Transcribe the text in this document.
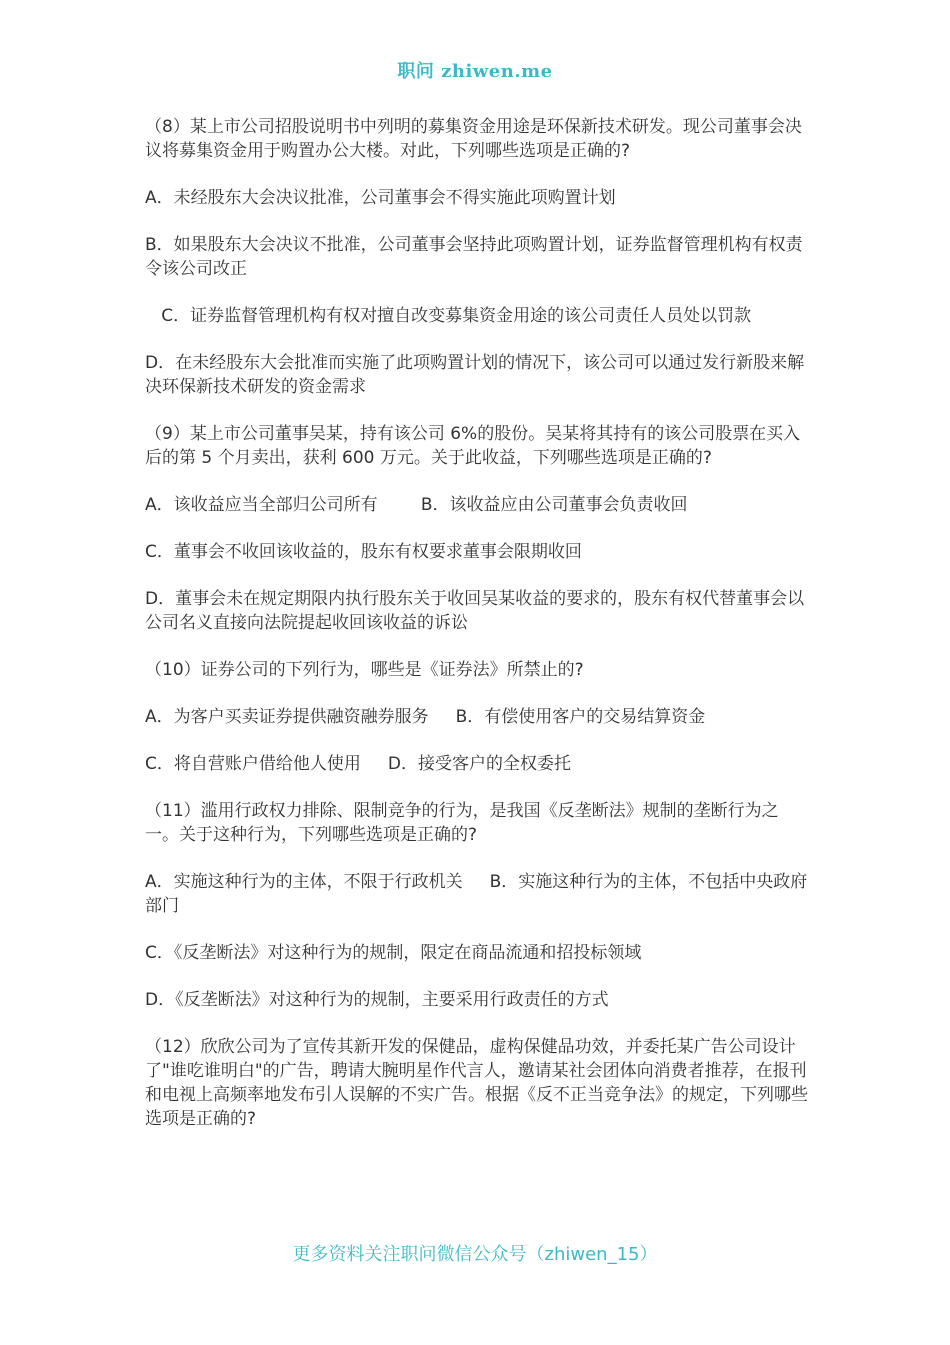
职问 zhiwen.me

（8）某上市公司招股说明书中列明的募集资金用途是环保新技术研发。现公司董事会决议将募集资金用于购置办公大楼。对此，下列哪些选项是正确的?

A．未经股东大会决议批准，公司董事会不得实施此项购置计划

B．如果股东大会决议不批准，公司董事会坚持此项购置计划，证券监督管理机构有权责令该公司改正

C．证券监督管理机构有权对擅自改变募集资金用途的该公司责任人员处以罚款

D．在未经股东大会批准而实施了此项购置计划的情况下，该公司可以通过发行新股来解决环保新技术研发的资金需求

（9）某上市公司董事吴某，持有该公司 6%的股份。吴某将其持有的该公司股票在买入后的第 5 个月卖出，获利 600 万元。关于此收益，下列哪些选项是正确的?

A．该收益应当全部归公司所有        B．该收益应由公司董事会负责收回

C．董事会不收回该收益的，股东有权要求董事会限期收回

D．董事会未在规定期限内执行股东关于收回吴某收益的要求的，股东有权代替董事会以公司名义直接向法院提起收回该收益的诉讼

（10）证券公司的下列行为，哪些是《证券法》所禁止的?

A．为客户买卖证券提供融资融券服务     B．有偿使用客户的交易结算资金

C．将自营账户借给他人使用     D．接受客户的全权委托

（11）滥用行政权力排除、限制竞争的行为，是我国《反垄断法》规制的垄断行为之一。关于这种行为，下列哪些选项是正确的?

A．实施这种行为的主体，不限于行政机关     B．实施这种行为的主体，不包括中央政府部门

C．《反垄断法》对这种行为的规制，限定在商品流通和招投标领域

D．《反垄断法》对这种行为的规制，主要采用行政责任的方式

（12）欣欣公司为了宣传其新开发的保健品，虚构保健品功效，并委托某广告公司设计了"谁吃谁明白"的广告，聘请大腕明星作代言人，邀请某社会团体向消费者推荐，在报刊和电视上高频率地发布引人误解的不实广告。根据《反不正当竞争法》的规定，下列哪些选项是正确的?

更多资料关注职问微信公众号（zhiwen_15）
